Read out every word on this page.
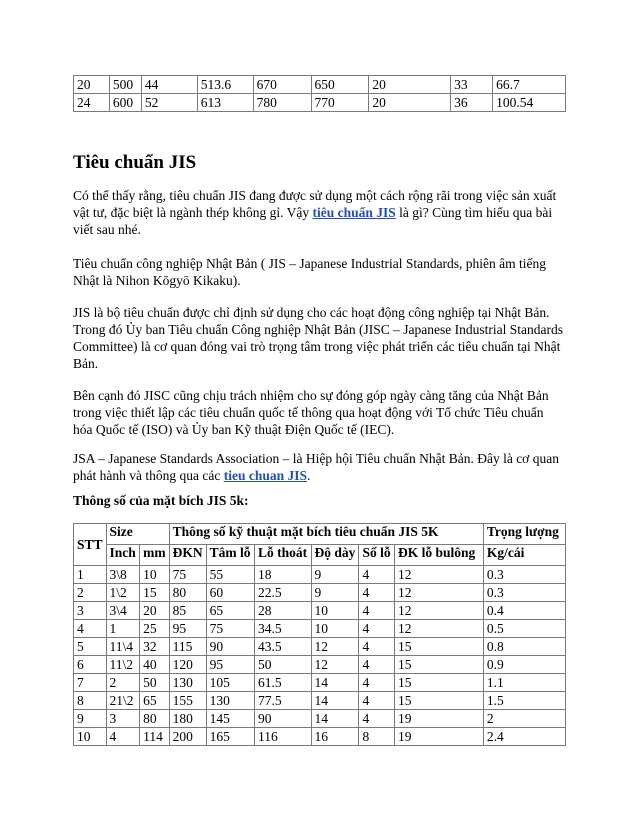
20	500	44	513.6	670	650	20	33	66.7
24	600	52	613	780	770	20	36	100.54
Tiêu chuẩn JIS

Có thể thấy rằng, tiêu chuẩn JIS đang được sử dụng một cách rộng rãi trong việc sản xuất vật tư, đặc biệt là ngành thép không gỉ. Vậy tiêu chuẩn JIS là gì? Cùng tìm hiểu qua bài viết sau nhé.

Tiêu chuẩn công nghiệp Nhật Bản ( JIS – Japanese Industrial Standards, phiên âm tiếng Nhật là Nihon Kōgyō Kikaku).

JIS là bộ tiêu chuẩn được chỉ định sử dụng cho các hoạt động công nghiệp tại Nhật Bản. Trong đó Ủy ban Tiêu chuẩn Công nghiệp Nhật Bản (JISC – Japanese Industrial Standards Committee) là cơ quan đóng vai trò trọng tâm trong việc phát triển các tiêu chuẩn tại Nhật Bản.

Bên cạnh đó JISC cũng chịu trách nhiệm cho sự đóng góp ngày càng tăng của Nhật Bản trong việc thiết lập các tiêu chuẩn quốc tế thông qua hoạt động với Tổ chức Tiêu chuẩn hóa Quốc tế (ISO) và Ủy ban Kỹ thuật Điện Quốc tế (IEC).

JSA – Japanese Standards Association – là Hiệp hội Tiêu chuẩn Nhật Bản. Đây là cơ quan phát hành và thông qua các tieu chuan JIS.

Thông số của mặt bích JIS 5k:

STT	Size		Thông số kỹ thuật mặt bích tiêu chuẩn JIS 5K						Trọng lượng
	Inch	mm	ĐKN	Tâm lỗ	Lỗ thoát	Độ dày	Số lỗ	ĐK lỗ bulông	Kg/cái
1	3\8	10	75	55	18	9	4	12	0.3
2	1\2	15	80	60	22.5	9	4	12	0.3
3	3\4	20	85	65	28	10	4	12	0.4
4	1	25	95	75	34.5	10	4	12	0.5
5	11\4	32	115	90	43.5	12	4	15	0.8
6	11\2	40	120	95	50	12	4	15	0.9
7	2	50	130	105	61.5	14	4	15	1.1
8	21\2	65	155	130	77.5	14	4	15	1.5
9	3	80	180	145	90	14	4	19	2
10	4	114	200	165	116	16	8	19	2.4
